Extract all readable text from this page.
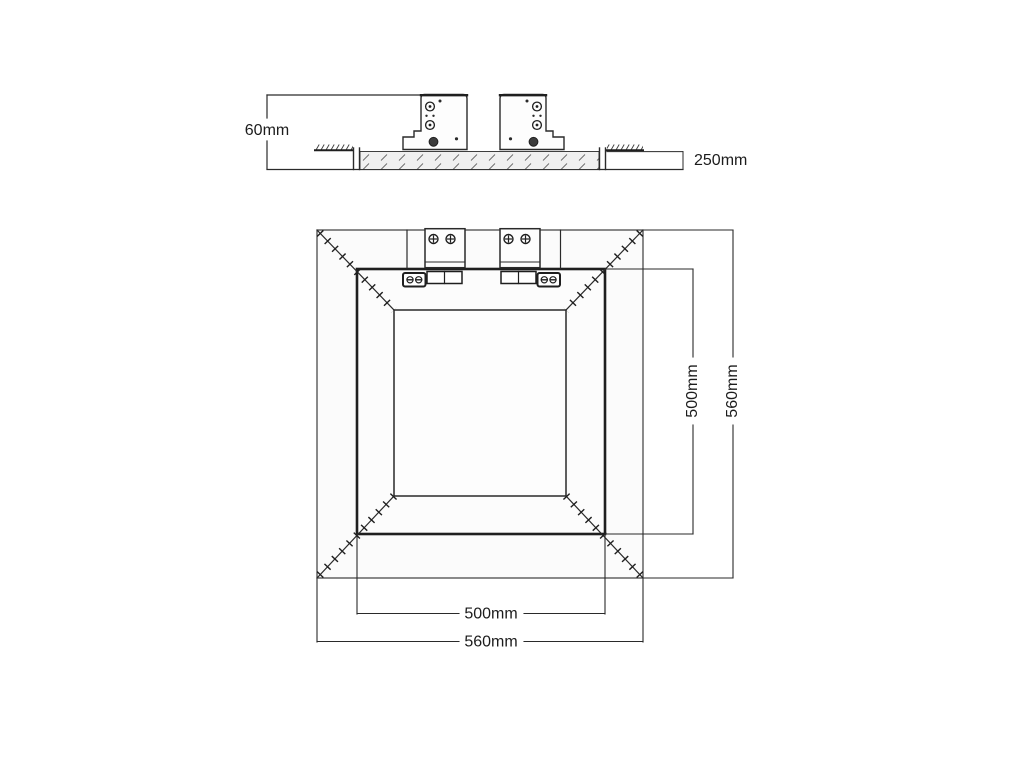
60mm
250mm
500mm 560mm
500mm
560mm
